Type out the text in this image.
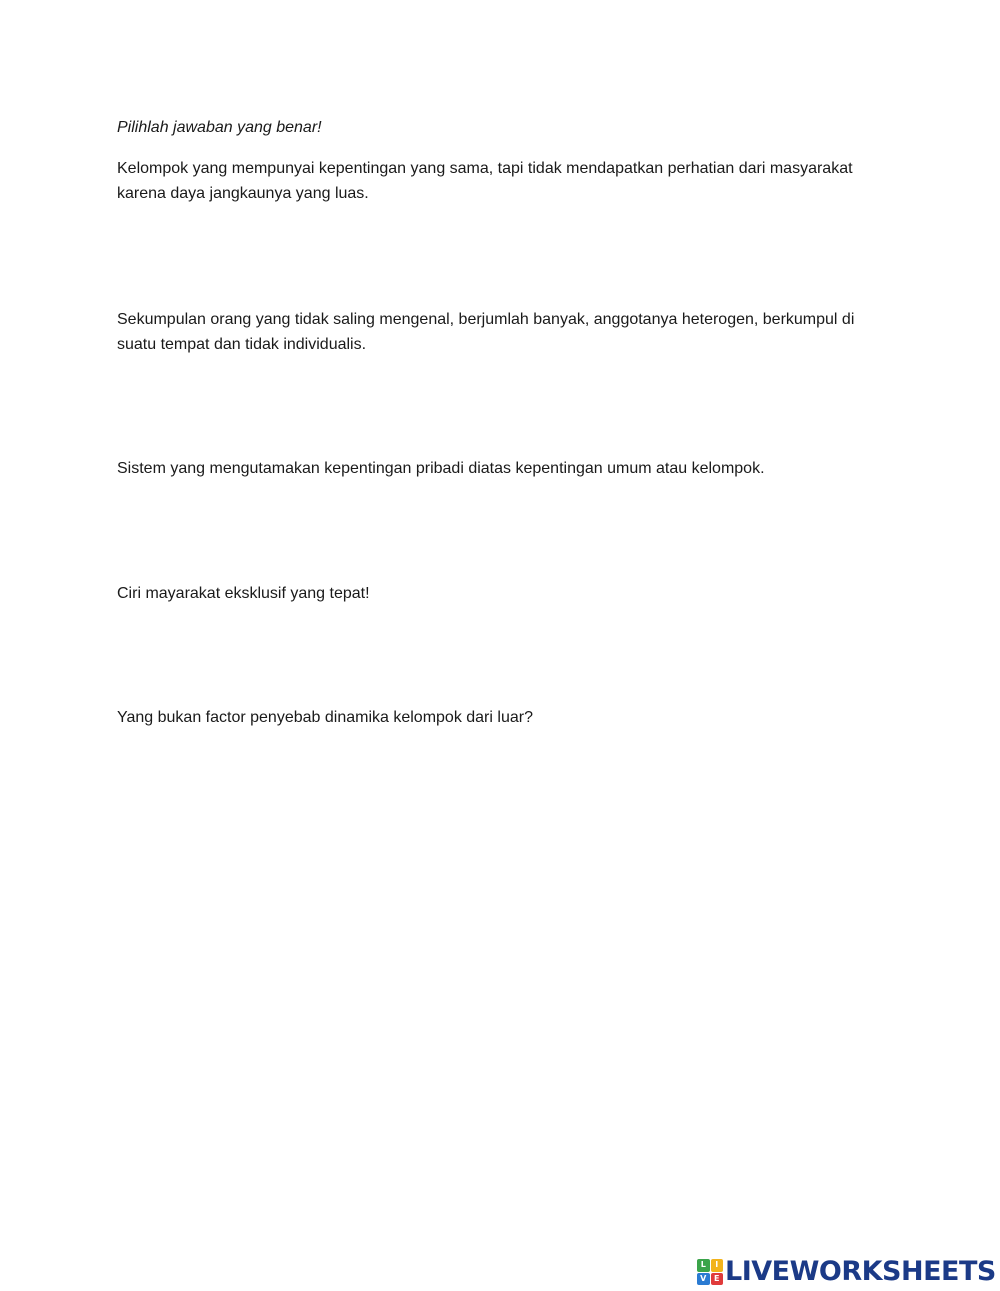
Pilihlah jawaban yang benar!
Kelompok yang mempunyai kepentingan yang sama, tapi tidak mendapatkan perhatian dari masyarakat karena daya jangkaunya yang luas.
Sekumpulan orang yang tidak saling mengenal, berjumlah banyak, anggotanya heterogen, berkumpul di suatu tempat dan tidak individualis.
Sistem yang mengutamakan kepentingan pribadi diatas kepentingan umum atau kelompok.
Ciri mayarakat eksklusif yang tepat!
Yang bukan factor penyebab dinamika kelompok dari luar?
L	I
V E LIVEWORKSHEETS
